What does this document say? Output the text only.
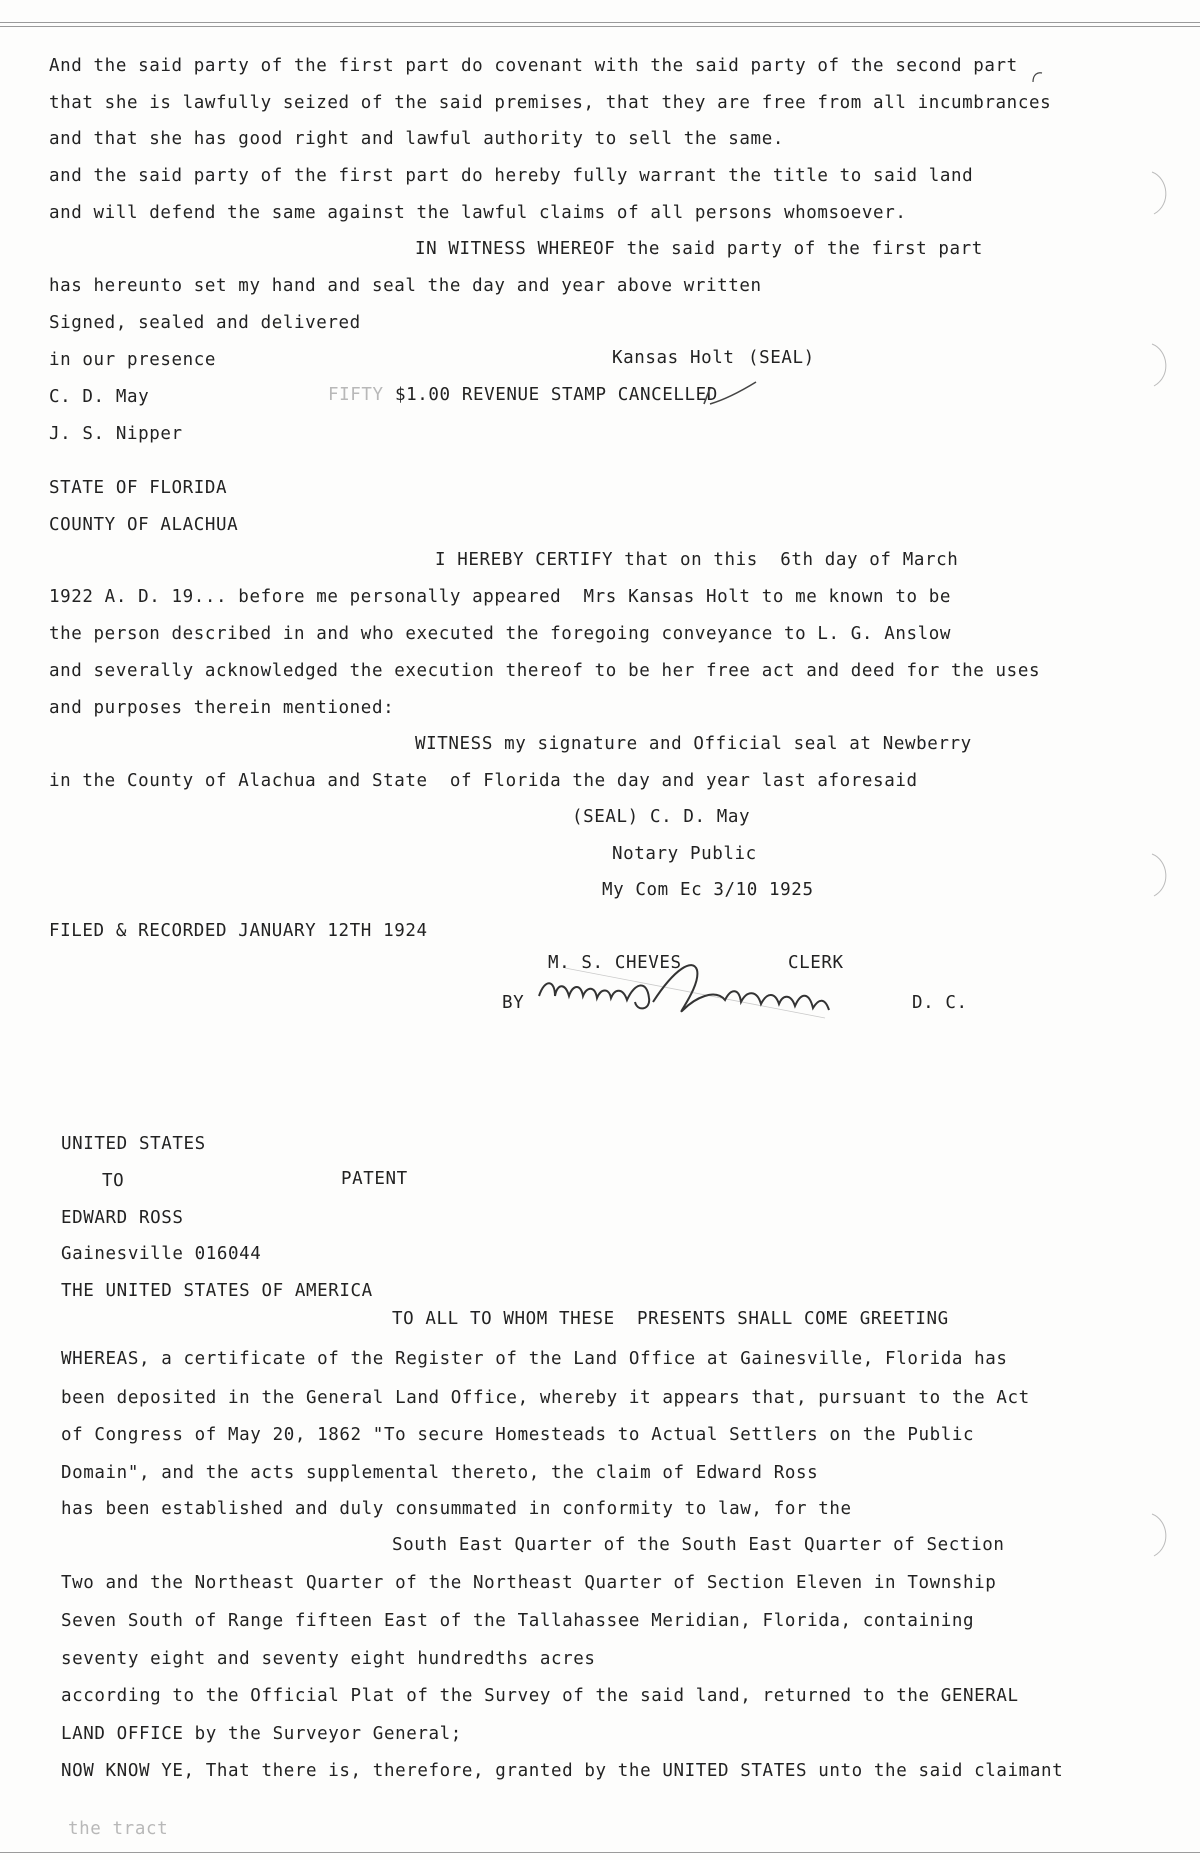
And the said party of the first part do covenant with the said party of the second part
that she is lawfully seized of the said premises, that they are free from all incumbrances
and that she has good right and lawful authority to sell the same.
and the said party of the first part do hereby fully warrant the title to said land
and will defend the same against the lawful claims of all persons whomsoever.
IN WITNESS WHEREOF the said party of the first part
has hereunto set my hand and seal the day and year above written
Signed, sealed and delivered
in our presence	Kansas Holt (SEAL)
C. D. May	FIFTY $1.00 REVENUE STAMP CANCELLED
J. S. Nipper
STATE OF FLORIDA
COUNTY OF ALACHUA
I HEREBY CERTIFY that on this  6th day of March
1922 A. D. 19... before me personally appeared  Mrs Kansas Holt to me known to be
the person described in and who executed the foregoing conveyance to L. G. Anslow
and severally acknowledged the execution thereof to be her free act and deed for the uses
and purposes therein mentioned:
WITNESS my signature and Official seal at Newberry
in the County of Alachua and State  of Florida the day and year last aforesaid
(SEAL) C. D. May
Notary Public
My Com Ec 3/10 1925
FILED & RECORDED JANUARY 12TH 1924
M. S. CHEVES	CLERK
BY	D. C.
UNITED STATES
TO	PATENT
EDWARD ROSS
Gainesville 016044
THE UNITED STATES OF AMERICA
TO ALL TO WHOM THESE  PRESENTS SHALL COME GREETING
WHEREAS, a certificate of the Register of the Land Office at Gainesville, Florida has
been deposited in the General Land Office, whereby it appears that, pursuant to the Act
of Congress of May 20, 1862 "To secure Homesteads to Actual Settlers on the Public
Domain", and the acts supplemental thereto, the claim of Edward Ross
has been established and duly consummated in conformity to law, for the
South East Quarter of the South East Quarter of Section
Two and the Northeast Quarter of the Northeast Quarter of Section Eleven in Township
Seven South of Range fifteen East of the Tallahassee Meridian, Florida, containing
seventy eight and seventy eight hundredths acres
according to the Official Plat of the Survey of the said land, returned to the GENERAL
LAND OFFICE by the Surveyor General;
NOW KNOW YE, That there is, therefore, granted by the UNITED STATES unto the said claimant
the tract
